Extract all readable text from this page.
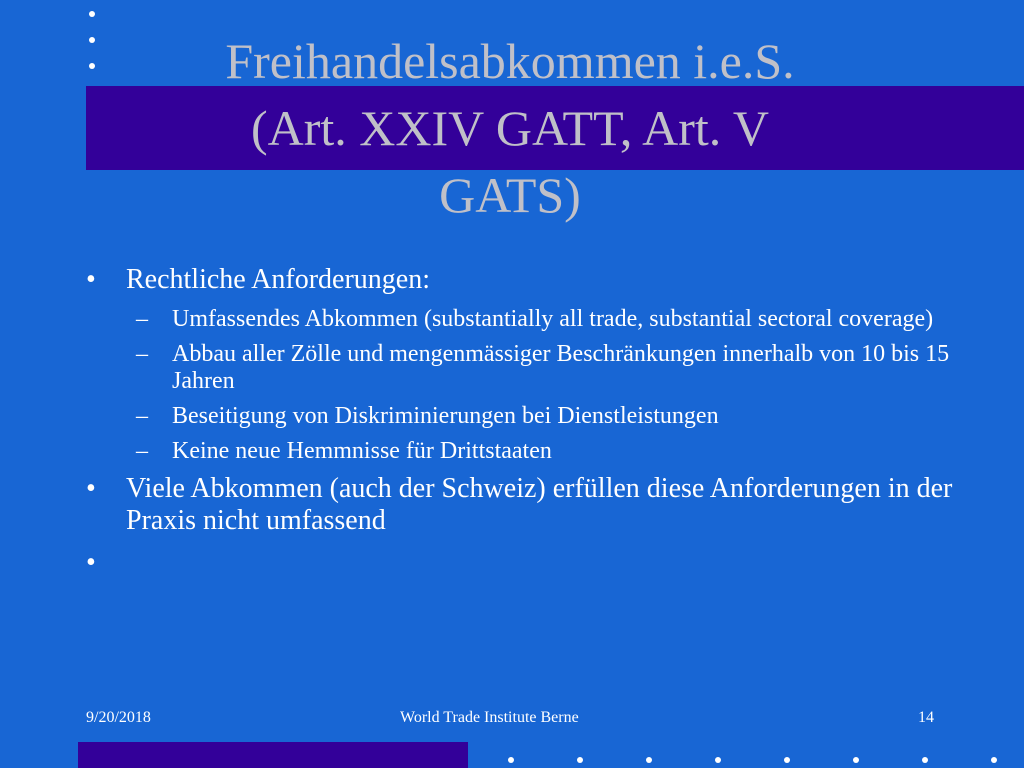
Freihandelsabkommen i.e.S.
(Art. XXIV GATT, Art. V
GATS)
• Rechtliche Anforderungen:
– Umfassendes Abkommen (substantially all trade, substantial sectoral coverage)
– Abbau aller Zölle und mengenmässiger Beschränkungen innerhalb von 10 bis 15 Jahren
– Beseitigung von Diskriminierungen bei Dienstleistungen
– Keine neue Hemmnisse für Drittstaaten
• Viele Abkommen (auch der Schweiz) erfüllen diese Anforderungen in der Praxis nicht umfassend
•
9/20/2018	World Trade Institute Berne	14
